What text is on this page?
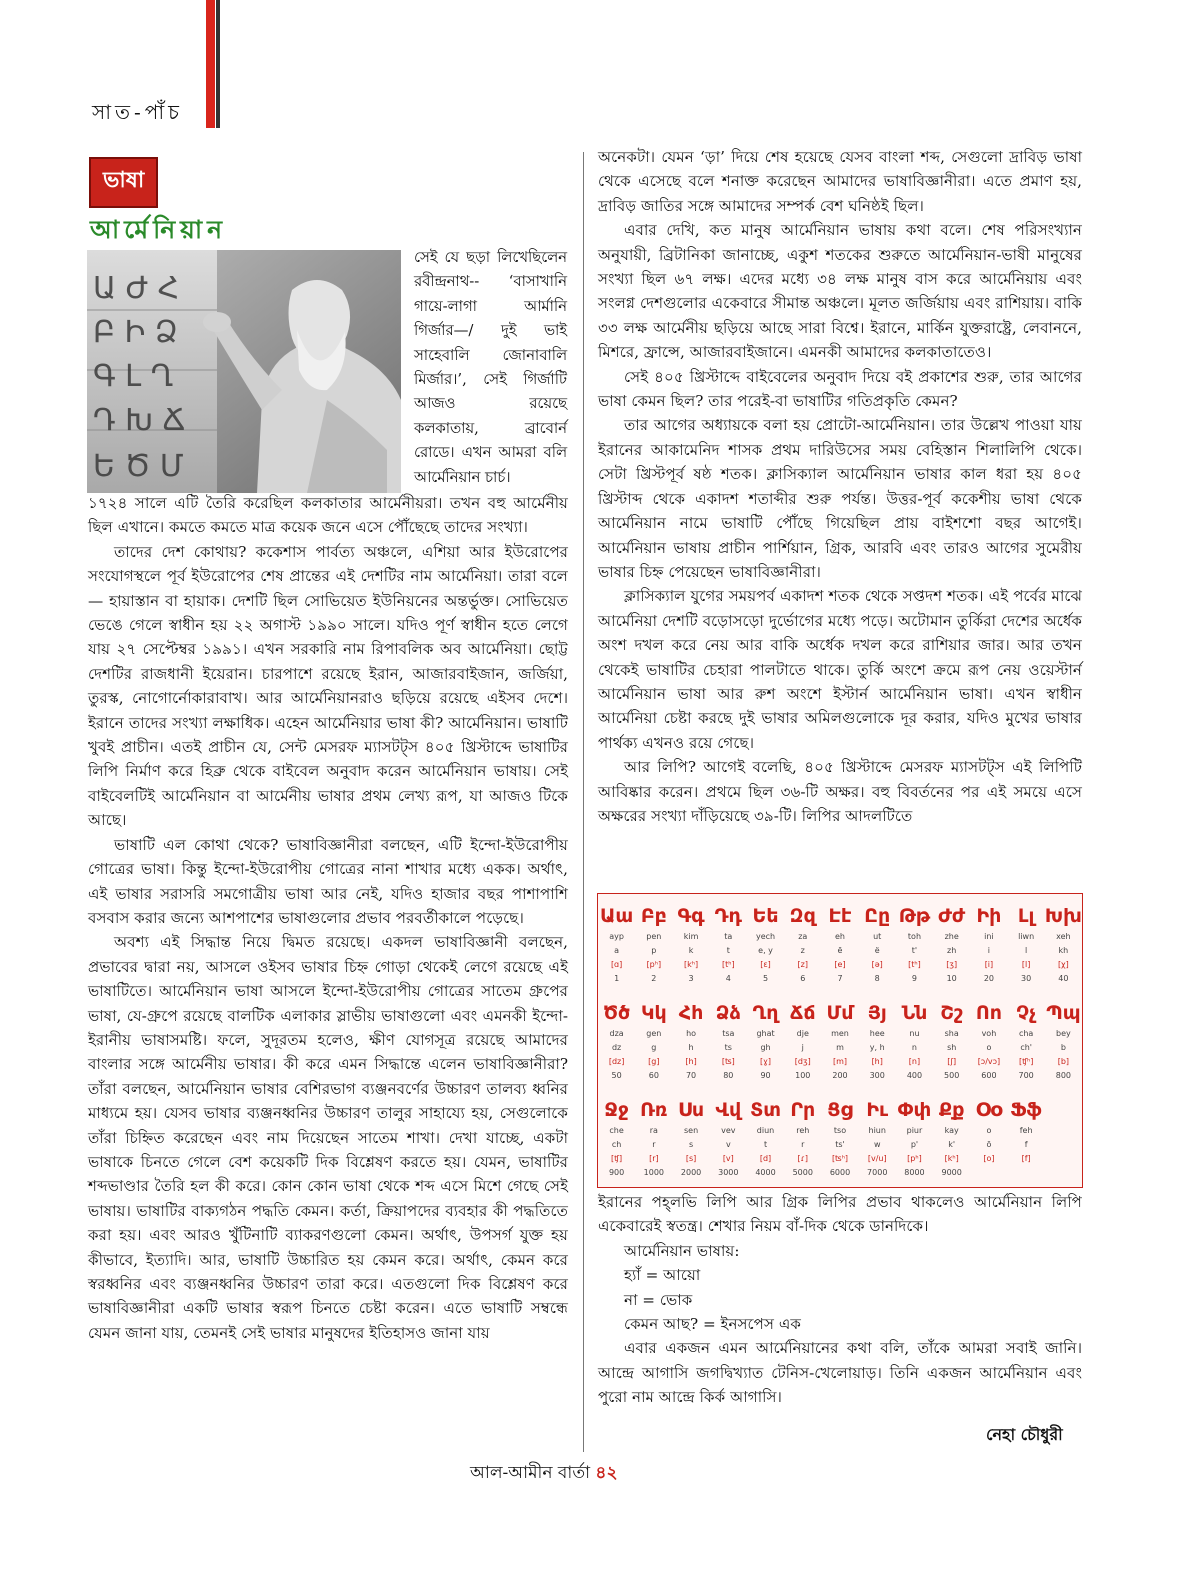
সাত-পাঁচ
ভাষা
আর্মেনিয়ান
Ա Ժ Հ
Բ Ի Ձ
Գ Լ Ղ
Դ Խ Ճ
Ե Ծ Մ

সেই যে ছড়া লিখেছিলেন রবীন্দ্রনাথ-- ‘বাসাখানি গায়ে-লাগা আর্মানি গির্জার—/ দুই ভাই সাহেবালি জোনাবালি মির্জার।’, সেই গির্জাটি আজও রয়েছে কলকাতায়, ব্রাবোর্ন রোডে। এখন আমরা বলি আর্মেনিয়ান চার্চ।

১৭২৪ সালে এটি তৈরি করেছিল কলকাতার আর্মেনীয়রা। তখন বহু আর্মেনীয় ছিল এখানে। কমতে কমতে মাত্র কয়েক জনে এসে পৌঁছেছে তাদের সংখ্যা।

তাদের দেশ কোথায়? ককেশাস পার্বত্য অঞ্চলে, এশিয়া আর ইউরোপের সংযোগস্থলে পূর্ব ইউরোপের শেষ প্রান্তের এই দেশটির নাম আর্মেনিয়া। তারা বলে— হায়াস্তান বা হায়াক। দেশটি ছিল সোভিয়েত ইউনিয়নের অন্তর্ভুক্ত। সোভিয়েত ভেঙে গেলে স্বাধীন হয় ২২ অগাস্ট ১৯৯০ সালে। যদিও পূর্ণ স্বাধীন হতে লেগে যায় ২৭ সেপ্টেম্বর ১৯৯১। এখন সরকারি নাম রিপাবলিক অব আর্মেনিয়া। ছোট্ট দেশটির রাজধানী ইয়েরান। চারপাশে রয়েছে ইরান, আজারবাইজান, জর্জিয়া, তুরস্ক, নোগোর্নোকারাবাখ। আর আর্মেনিয়ানরাও ছড়িয়ে রয়েছে এইসব দেশে। ইরানে তাদের সংখ্যা লক্ষাধিক। এহেন আর্মেনিয়ার ভাষা কী? আর্মেনিয়ান। ভাষাটি খুবই প্রাচীন। এতই প্রাচীন যে, সেন্ট মেসরফ ম্যাসটট্স ৪০৫ খ্রিস্টাব্দে ভাষাটির লিপি নির্মাণ করে হিব্রু থেকে বাইবেল অনুবাদ করেন আর্মেনিয়ান ভাষায়। সেই বাইবেলটিই আর্মেনিয়ান বা আর্মেনীয় ভাষার প্রথম লেখ্য রূপ, যা আজও টিকে আছে।

ভাষাটি এল কোথা থেকে? ভাষাবিজ্ঞানীরা বলছেন, এটি ইন্দো-ইউরোপীয় গোত্রের ভাষা। কিন্তু ইন্দো-ইউরোপীয় গোত্রের নানা শাখার মধ্যে একক। অর্থাৎ, এই ভাষার সরাসরি সমগোত্রীয় ভাষা আর নেই, যদিও হাজার বছর পাশাপাশি বসবাস করার জন্যে আশপাশের ভাষাগুলোর প্রভাব পরবর্তীকালে পড়েছে।

অবশ্য এই সিদ্ধান্ত নিয়ে দ্বিমত রয়েছে। একদল ভাষাবিজ্ঞানী বলছেন, প্রভাবের দ্বারা নয়, আসলে ওইসব ভাষার চিহ্ন গোড়া থেকেই লেগে রয়েছে এই ভাষাটিতে। আর্মেনিয়ান ভাষা আসলে ইন্দো-ইউরোপীয় গোত্রের সাতেম গ্রুপের ভাষা, যে-গ্রুপে রয়েছে বালটিক এলাকার স্লাভীয় ভাষাগুলো এবং এমনকী ইন্দো-ইরানীয় ভাষাসমষ্টি। ফলে, সুদূরতম হলেও, ক্ষীণ যোগসূত্র রয়েছে আমাদের বাংলার সঙ্গে আর্মেনীয় ভাষার। কী করে এমন সিদ্ধান্তে এলেন ভাষাবিজ্ঞানীরা? তাঁরা বলছেন, আর্মেনিয়ান ভাষার বেশিরভাগ ব্যঞ্জনবর্ণের উচ্চারণ তালব্য ধ্বনির মাধ্যমে হয়। যেসব ভাষার ব্যঞ্জনধ্বনির উচ্চারণ তালুর সাহায্যে হয়, সেগুলোকে তাঁরা চিহ্নিত করেছেন এবং নাম দিয়েছেন সাতেম শাখা। দেখা যাচ্ছে, একটা ভাষাকে চিনতে গেলে বেশ কয়েকটি দিক বিশ্লেষণ করতে হয়। যেমন, ভাষাটির শব্দভাণ্ডার তৈরি হল কী করে। কোন কোন ভাষা থেকে শব্দ এসে মিশে গেছে সেই ভাষায়। ভাষাটির বাক্যগঠন পদ্ধতি কেমন। কর্তা, ক্রিয়াপদের ব্যবহার কী পদ্ধতিতে করা হয়। এবং আরও খুঁটিনাটি ব্যাকরণগুলো কেমন। অর্থাৎ, উপসর্গ যুক্ত হয় কীভাবে, ইত্যাদি। আর, ভাষাটি উচ্চারিত হয় কেমন করে। অর্থাৎ, কেমন করে স্বরধ্বনির এবং ব্যঞ্জনধ্বনির উচ্চারণ তারা করে। এতগুলো দিক বিশ্লেষণ করে ভাষাবিজ্ঞানীরা একটি ভাষার স্বরূপ চিনতে চেষ্টা করেন। এতে ভাষাটি সম্বন্ধে যেমন জানা যায়, তেমনই সেই ভাষার মানুষদের ইতিহাসও জানা যায়

অনেকটা। যেমন ‘ড়া’ দিয়ে শেষ হয়েছে যেসব বাংলা শব্দ, সেগুলো দ্রাবিড় ভাষা থেকে এসেছে বলে শনাক্ত করেছেন আমাদের ভাষাবিজ্ঞানীরা। এতে প্রমাণ হয়, দ্রাবিড় জাতির সঙ্গে আমাদের সম্পর্ক বেশ ঘনিষ্ঠই ছিল।

এবার দেখি, কত মানুষ আর্মেনিয়ান ভাষায় কথা বলে। শেষ পরিসংখ্যান অনুযায়ী, ব্রিটানিকা জানাচ্ছে, একুশ শতকের শুরুতে আর্মেনিয়ান-ভাষী মানুষের সংখ্যা ছিল ৬৭ লক্ষ। এদের মধ্যে ৩৪ লক্ষ মানুষ বাস করে আর্মেনিয়ায় এবং সংলগ্ন দেশগুলোর একেবারে সীমান্ত অঞ্চলে। মূলত জর্জিয়ায় এবং রাশিয়ায়। বাকি ৩৩ লক্ষ আর্মেনীয় ছড়িয়ে আছে সারা বিশ্বে। ইরানে, মার্কিন যুক্তরাষ্ট্রে, লেবাননে, মিশরে, ফ্রান্সে, আজারবাইজানে। এমনকী আমাদের কলকাতাতেও।

সেই ৪০৫ খ্রিস্টাব্দে বাইবেলের অনুবাদ দিয়ে বই প্রকাশের শুরু, তার আগের ভাষা কেমন ছিল? তার পরেই-বা ভাষাটির গতিপ্রকৃতি কেমন?

তার আগের অধ্যায়কে বলা হয় প্রোটো-আর্মেনিয়ান। তার উল্লেখ পাওয়া যায় ইরানের আকামেনিদ শাসক প্রথম দারিউসের সময় বেহিস্তান শিলালিপি থেকে। সেটা খ্রিস্টপূর্ব ষষ্ঠ শতক। ক্লাসিক্যাল আর্মেনিয়ান ভাষার কাল ধরা হয় ৪০৫ খ্রিস্টাব্দ থেকে একাদশ শতাব্দীর শুরু পর্যন্ত। উত্তর-পূর্ব ককেশীয় ভাষা থেকে আর্মেনিয়ান নামে ভাষাটি পৌঁছে গিয়েছিল প্রায় বাইশশো বছর আগেই। আর্মেনিয়ান ভাষায় প্রাচীন পার্শিয়ান, গ্রিক, আরবি এবং তারও আগের সুমেরীয় ভাষার চিহ্ন পেয়েছেন ভাষাবিজ্ঞানীরা।

ক্লাসিক্যাল যুগের সময়পর্ব একাদশ শতক থেকে সপ্তদশ শতক। এই পর্বের মাঝে আর্মেনিয়া দেশটি বড়োসড়ো দুর্ভোগের মধ্যে পড়ে। অটোমান তুর্কিরা দেশের অর্ধেক অংশ দখল করে নেয় আর বাকি অর্ধেক দখল করে রাশিয়ার জার। আর তখন থেকেই ভাষাটির চেহারা পালটাতে থাকে। তুর্কি অংশে ক্রমে রূপ নেয় ওয়েস্টার্ন আর্মেনিয়ান ভাষা আর রুশ অংশে ইস্টার্ন আর্মেনিয়ান ভাষা। এখন স্বাধীন আর্মেনিয়া চেষ্টা করছে দুই ভাষার অমিলগুলোকে দূর করার, যদিও মুখের ভাষার পার্থক্য এখনও রয়ে গেছে।

আর লিপি? আগেই বলেছি, ৪০৫ খ্রিস্টাব্দে মেসরফ ম্যাসটট্স এই লিপিটি আবিষ্কার করেন। প্রথমে ছিল ৩৬-টি অক্ষর। বহু বিবর্তনের পর এই সময়ে এসে অক্ষরের সংখ্যা দাঁড়িয়েছে ৩৯-টি। লিপির আদলটিতে

Աա
ayp
a
[ɑ]
1
Բբ
pen
p
[pʰ]
2
Գգ
kim
k
[kʰ]
3
Դդ
ta
t
[tʰ]
4
Եե
yech
e, y
[ɛ]
5
Զզ
za
z
[z]
6
Էէ
eh
ē
[e]
7
Ըը
ut
ë
[ə]
8
Թթ
toh
t'
[tʰ]
9
Ժժ
zhe
zh
[ʒ]
10
Իի
ini
i
[i]
20
Լլ
liwn
l
[l]
30
Խխ
xeh
kh
[χ]
40
Ծծ
dza
dz
[dz]
50
Կկ
gen
g
[g]
60
Հհ
ho
h
[h]
70
Ձձ
tsa
ts
[ʦ]
80
Ղղ
ghat
gh
[ɣ]
90
Ճճ
dje
j
[dʒ]
100
Մմ
men
m
[m]
200
Յյ
hee
y, h
[h]
300
Նն
nu
n
[n]
400
Շշ
sha
sh
[ʃ]
500
Ոո
voh
o
[ɔ/vɔ]
600
Չչ
cha
ch'
[ʧʰ]
700
Պպ
bey
b
[b]
800
Ջջ
che
ch
[ʧ]
900
Ռռ
ra
r
[r]
1000
Սս
sen
s
[s]
2000
Վվ
vev
v
[v]
3000
Տտ
diun
t
[d]
4000
Րր
reh
r
[ɾ]
5000
Ցց
tso
ts'
[ʦʰ]
6000
Իւ
hiun
w
[v/u]
7000
Փփ
piur
p'
[pʰ]
8000
Քք
kay
k'
[kʰ]
9000
Օօ
o
ō
[o]
Ֆֆ
feh
f
[f]

ইরানের পহ্‌লভি লিপি আর গ্রিক লিপির প্রভাব থাকলেও আর্মেনিয়ান লিপি একেবারেই স্বতন্ত্র। শেখার নিয়ম বাঁ-দিক থেকে ডানদিকে।

আর্মেনিয়ান ভাষায়:

হ্যাঁ = আয়ো

না = ভোক

কেমন আছ? = ইনসপেস এক

এবার একজন এমন আর্মেনিয়ানের কথা বলি, তাঁকে আমরা সবাই জানি। আন্দ্রে আগাসি জগদ্বিখ্যাত টেনিস-খেলোয়াড়। তিনি একজন আর্মেনিয়ান এবং পুরো নাম আন্দ্রে কির্ক আগাসি।

নেহা চৌধুরী
আল-আমীন বার্তা ৪২
